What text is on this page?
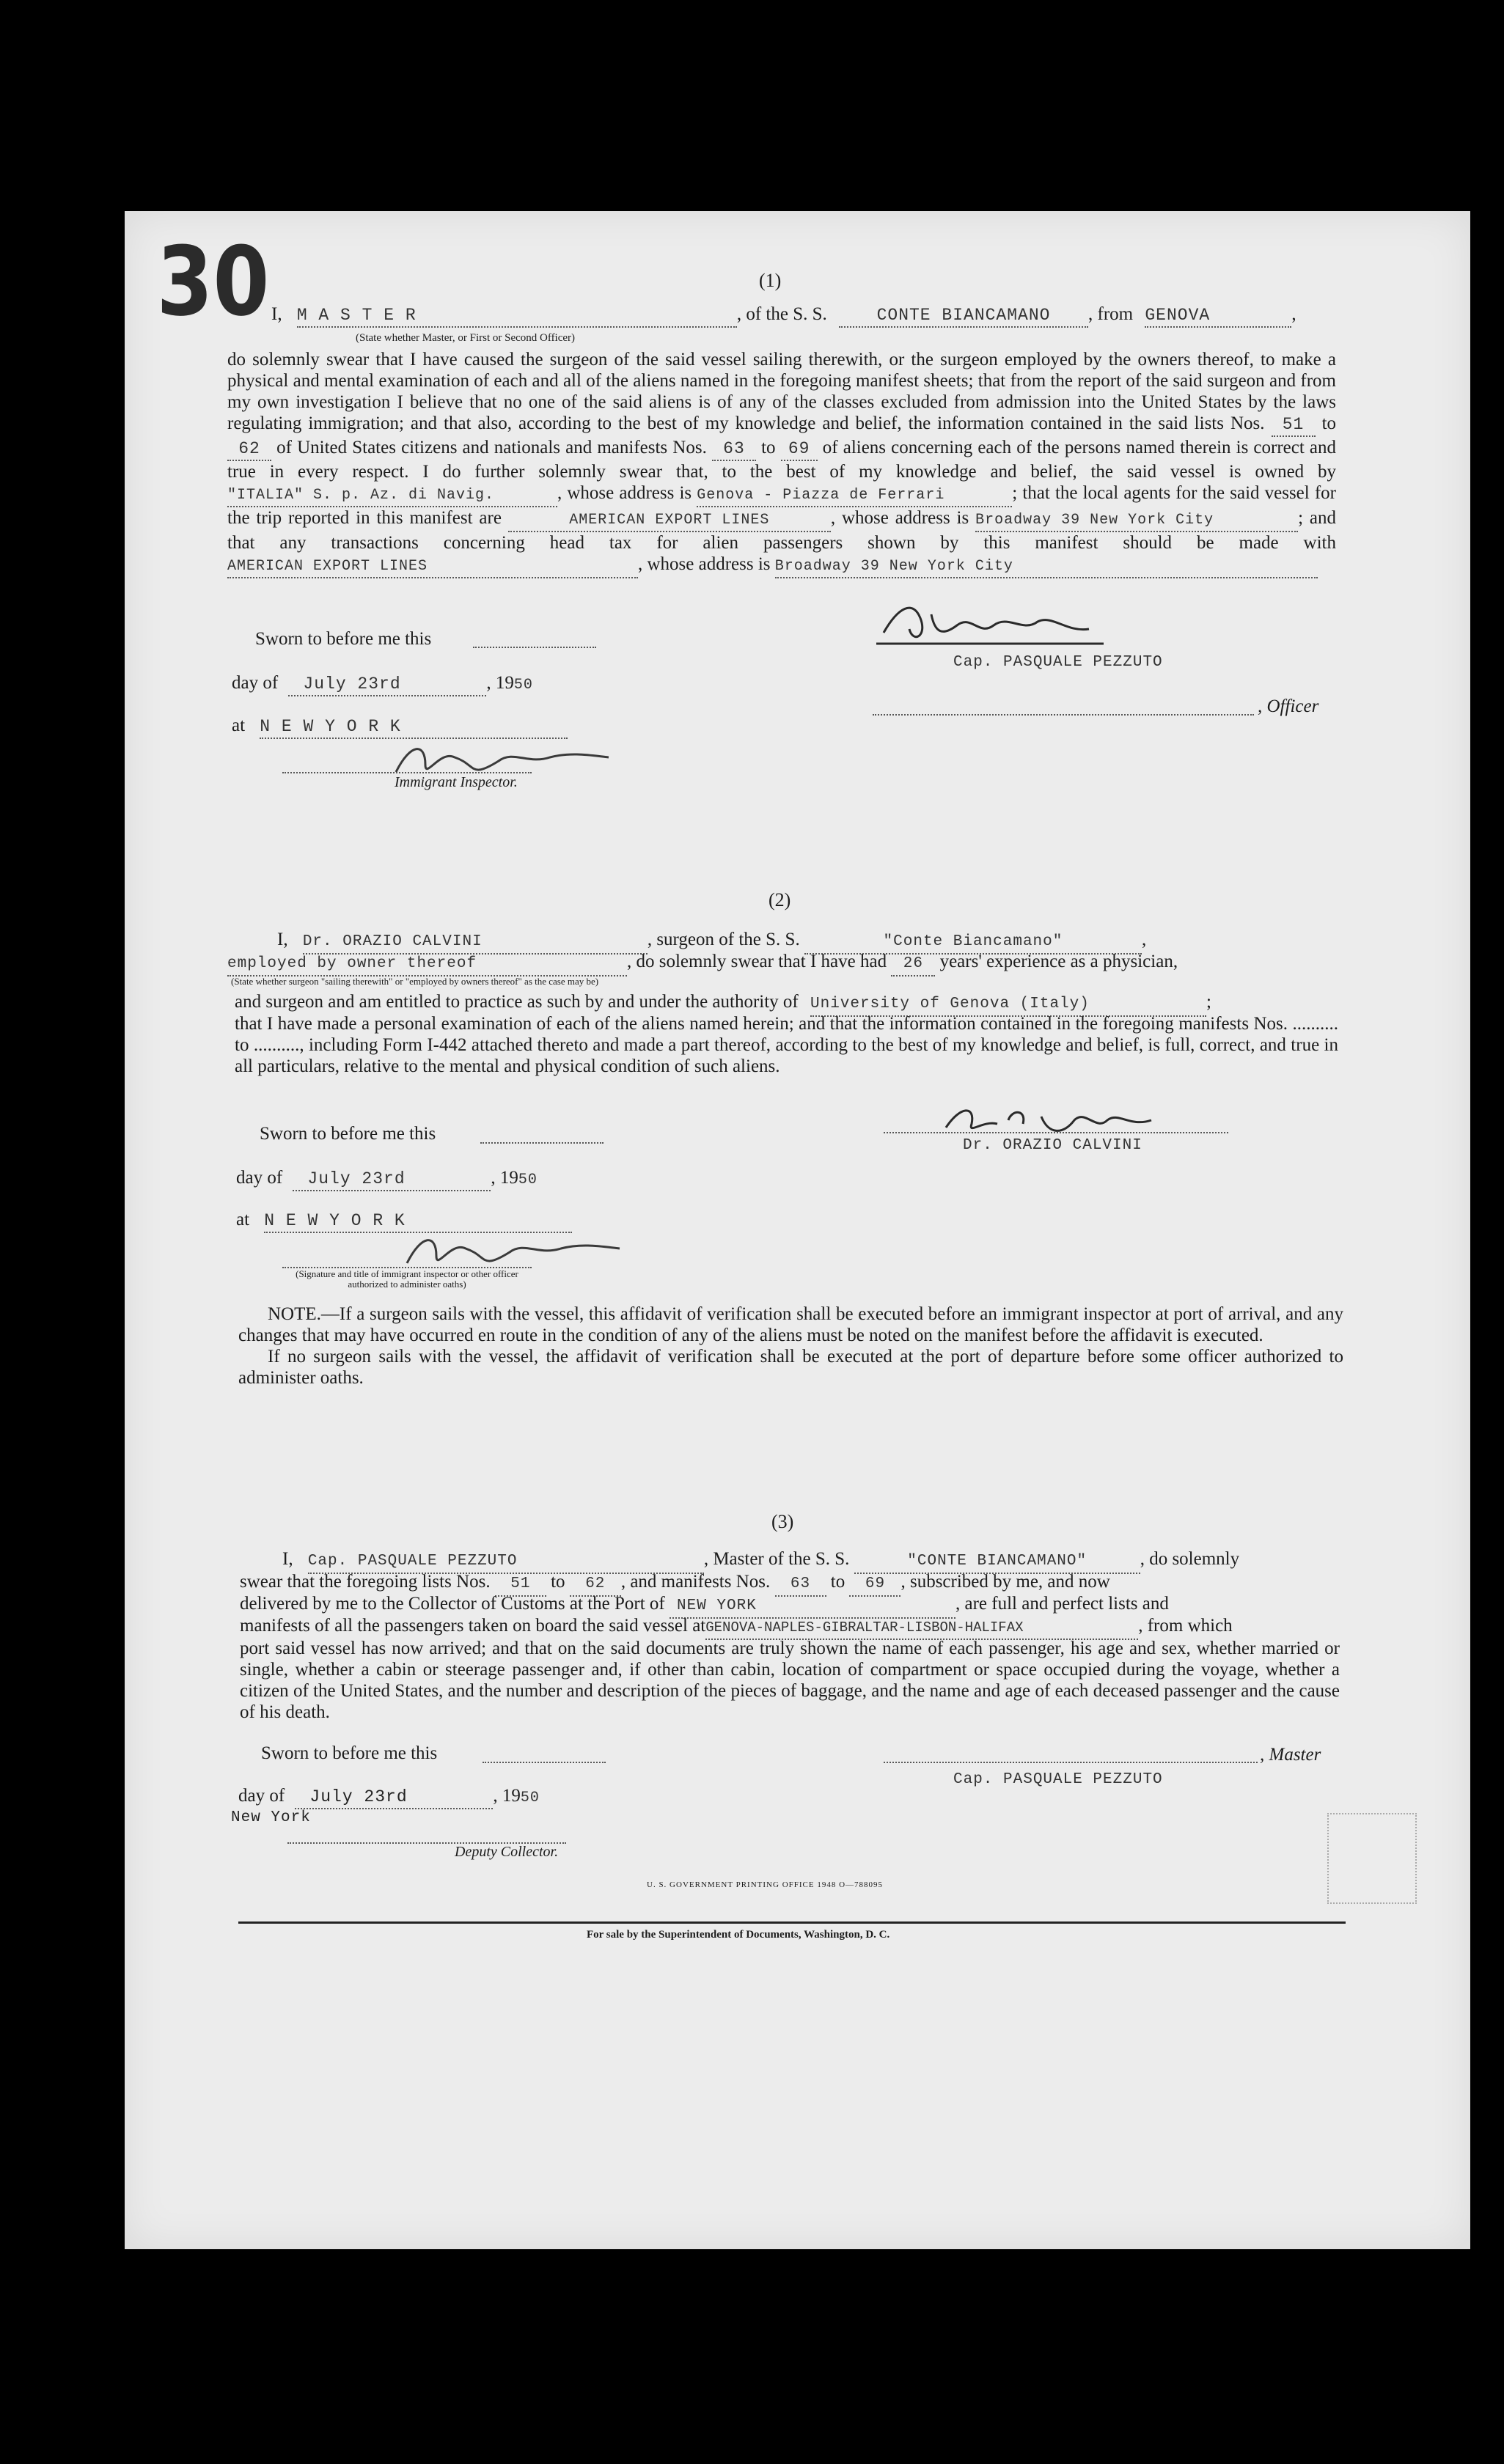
30	(1)
I, M A S T E R	, of the S. S.	CONTE BIANCAMANO , from GENOVA	,
(State whether Master, or First or Second Officer)
do solemnly swear that I have caused the surgeon of the said vessel sailing therewith, or the surgeon employed by the owners thereof, to make a physical and mental examination of each and all of the aliens named in the foregoing manifest sheets; that from the report of the said surgeon and from my own investigation I believe that no one of the said aliens is of any of the classes excluded from admission into the United States by the laws regulating immigration; and that also, according to the best of my knowledge and belief, the information contained in the said lists Nos. 51 to 62 of United States citizens and nationals and manifests Nos. 63 to 69 of aliens concerning each of the persons named therein is correct and true in every respect. I do further solemnly swear that, to the best of my knowledge and belief, the said vessel is owned by "ITALIA" S. p. Az. di Navig.	, whose address is Genova - Piazza de Ferrari	; that the local agents for the said vessel for the trip reported in this manifest are	AMERICAN EXPORT LINES	, whose address is Broadway 39 New York City	; and that any transactions concerning head tax for alien passengers shown by this manifest should be made with AMERICAN EXPORT LINES	, whose address is Broadway 39 New York City
Sworn to before me this
day of July 23rd	, 1950
at N E W Y O R K
Immigrant Inspector.
Cap. PASQUALE PEZZUTO
, Officer
(2)
I, Dr. ORAZIO CALVINI	, surgeon of the S. S.	"Conte Biancamano"	,
employed by owner thereof	, do solemnly swear that I have had 26 years' experience as a physician,
(State whether surgeon "sailing therewith" or "employed by owners thereof" as the case may be)
and surgeon and am entitled to practice as such by and under the authority of University of Genova (Italy)	;
that I have made a personal examination of each of the aliens named herein; and that the information contained in the foregoing manifests Nos. .......... to .........., including Form I-442 attached thereto and made a part thereof, according to the best of my knowledge and belief, is full, correct, and true in all particulars, relative to the mental and physical condition of such aliens.
Sworn to before me this
day of July 23rd	, 1950
at N E W Y O R K
(Signature and title of immigrant inspector or other officer authorized to administer oaths)
Dr. ORAZIO CALVINI
NOTE.—If a surgeon sails with the vessel, this affidavit of verification shall be executed before an immigrant inspector at port of arrival, and any changes that may have occurred en route in the condition of any of the aliens must be noted on the manifest before the affidavit is executed.
If no surgeon sails with the vessel, the affidavit of verification shall be executed at the port of departure before some officer authorized to administer oaths.
(3)
I, Cap. PASQUALE PEZZUTO	, Master of the S. S.	"CONTE BIANCAMANO"	, do solemnly
swear that the foregoing lists Nos. 51 to 62 , and manifests Nos. 63 to 69 , subscribed by me, and now
delivered by me to the Collector of Customs at the Port of NEW YORK	, are full and perfect lists and
manifests of all the passengers taken on board the said vessel atGENOVA-NAPLES-GIBRALTAR-LISBON-HALIFAX	, from which
port said vessel has now arrived; and that on the said documents are truly shown the name of each passenger, his age and sex, whether married or single, whether a cabin or steerage passenger and, if other than cabin, location of compartment or space occupied during the voyage, whether a citizen of the United States, and the number and description of the pieces of baggage, and the name and age of each deceased passenger and the cause of his death.
Sworn to before me this	, Master
Cap. PASQUALE PEZZUTO
day of July 23rd	, 1950
New York
Deputy Collector.
U. S. GOVERNMENT PRINTING OFFICE 1948 O—788095
For sale by the Superintendent of Documents, Washington, D. C.
